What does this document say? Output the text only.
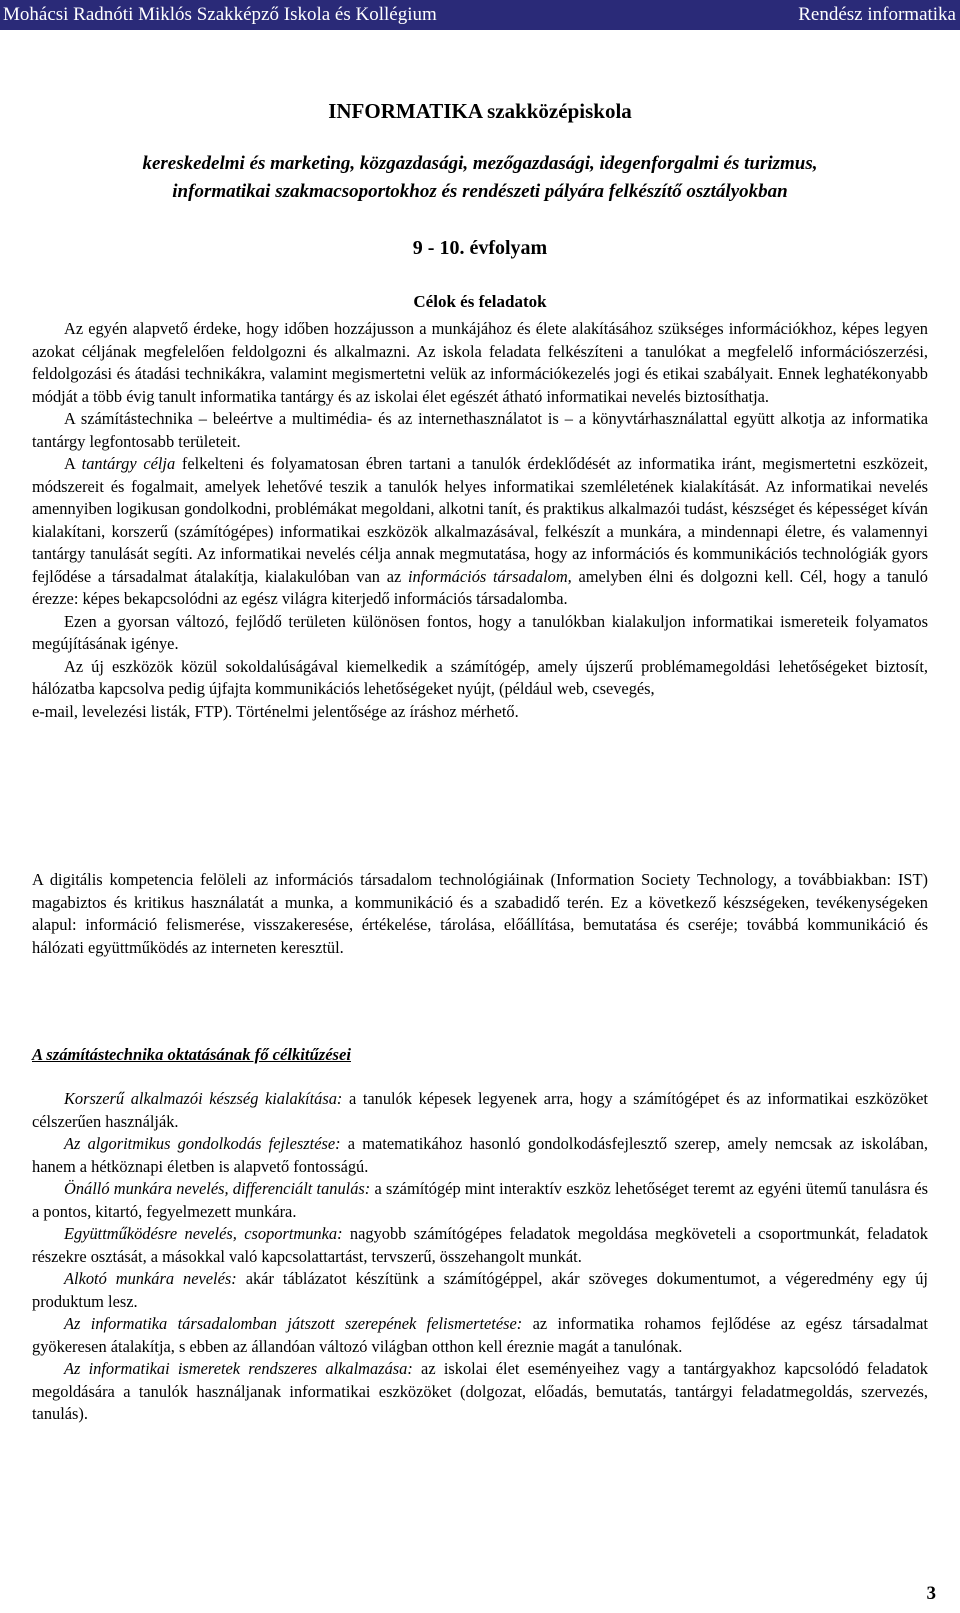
Mohácsi Radnóti Miklós Szakképző Iskola és Kollégium	Rendész informatika
INFORMATIKA szakközépiskola
kereskedelmi és marketing, közgazdasági, mezőgazdasági, idegenforgalmi és turizmus,
informatikai szakmacsoportokhoz és rendészeti pályára felkészítő osztályokban
9 - 10. évfolyam
Célok és feladatok

Az egyén alapvető érdeke, hogy időben hozzájusson a munkájához és élete alakításához szükséges információkhoz, képes legyen azokat céljának megfelelően feldolgozni és alkalmazni. Az iskola feladata felkészíteni a tanulókat a megfelelő információszerzési, feldolgozási és átadási technikákra, valamint megismertetni velük az információkezelés jogi és etikai szabályait. Ennek leghatékonyabb módját a több évig tanult informatika tantárgy és az iskolai élet egészét átható informatikai nevelés biztosíthatja.

A számítástechnika – beleértve a multimédia- és az internethasználatot is – a könyvtárhasználattal együtt alkotja az informatika tantárgy legfontosabb területeit.

A tantárgy célja felkelteni és folyamatosan ébren tartani a tanulók érdeklődését az informatika iránt, megismertetni eszközeit, módszereit és fogalmait, amelyek lehetővé teszik a tanulók helyes informatikai szemléletének kialakítását. Az informatikai nevelés amennyiben logikusan gondolkodni, problémákat megoldani, alkotni tanít, és praktikus alkalmazói tudást, készséget és képességet kíván kialakítani, korszerű (számítógépes) informatikai eszközök alkalmazásával, felkészít a munkára, a mindennapi életre, és valamennyi tantárgy tanulását segíti. Az informatikai nevelés célja annak megmutatása, hogy az információs és kommunikációs technológiák gyors fejlődése a társadalmat átalakítja, kialakulóban van az információs társadalom, amelyben élni és dolgozni kell. Cél, hogy a tanuló érezze: képes bekapcsolódni az egész világra kiterjedő információs társadalomba.

Ezen a gyorsan változó, fejlődő területen különösen fontos, hogy a tanulókban kialakuljon informatikai ismereteik folyamatos megújításának igénye.

Az új eszközök közül sokoldalúságával kiemelkedik a számítógép, amely újszerű problémamegoldási lehetőségeket biztosít, hálózatba kapcsolva pedig újfajta kommunikációs lehetőségeket nyújt, (például web, csevegés,

e-mail, levelezési listák, FTP). Történelmi jelentősége az íráshoz mérhető.

A digitális kompetencia felöleli az információs társadalom technológiáinak (Information Society Technology, a továbbiakban: IST) magabiztos és kritikus használatát a munka, a kommunikáció és a szabadidő terén. Ez a következő készségeken, tevékenységeken alapul: információ felismerése, visszakeresése, értékelése, tárolása, előállítása, bemutatása és cseréje; továbbá kommunikáció és hálózati együttműködés az interneten keresztül.

A számítástechnika oktatásának fő célkitűzései

Korszerű alkalmazói készség kialakítása: a tanulók képesek legyenek arra, hogy a számítógépet és az informatikai eszközöket célszerűen használják.

Az algoritmikus gondolkodás fejlesztése: a matematikához hasonló gondolkodásfejlesztő szerep, amely nemcsak az iskolában, hanem a hétköznapi életben is alapvető fontosságú.

Önálló munkára nevelés, differenciált tanulás: a számítógép mint interaktív eszköz lehetőséget teremt az egyéni ütemű tanulásra és a pontos, kitartó, fegyelmezett munkára.

Együttműködésre nevelés, csoportmunka: nagyobb számítógépes feladatok megoldása megköveteli a csoportmunkát, feladatok részekre osztását, a másokkal való kapcsolattartást, tervszerű, összehangolt munkát.

Alkotó munkára nevelés: akár táblázatot készítünk a számítógéppel, akár szöveges dokumentumot, a végeredmény egy új produktum lesz.

Az informatika társadalomban játszott szerepének felismertetése: az informatika rohamos fejlődése az egész társadalmat gyökeresen átalakítja, s ebben az állandóan változó világban otthon kell éreznie magát a tanulónak.

Az informatikai ismeretek rendszeres alkalmazása: az iskolai élet eseményeihez vagy a tantárgyakhoz kapcsolódó feladatok megoldására a tanulók használjanak informatikai eszközöket (dolgozat, előadás, bemutatás, tantárgyi feladatmegoldás, szervezés, tanulás).

3
